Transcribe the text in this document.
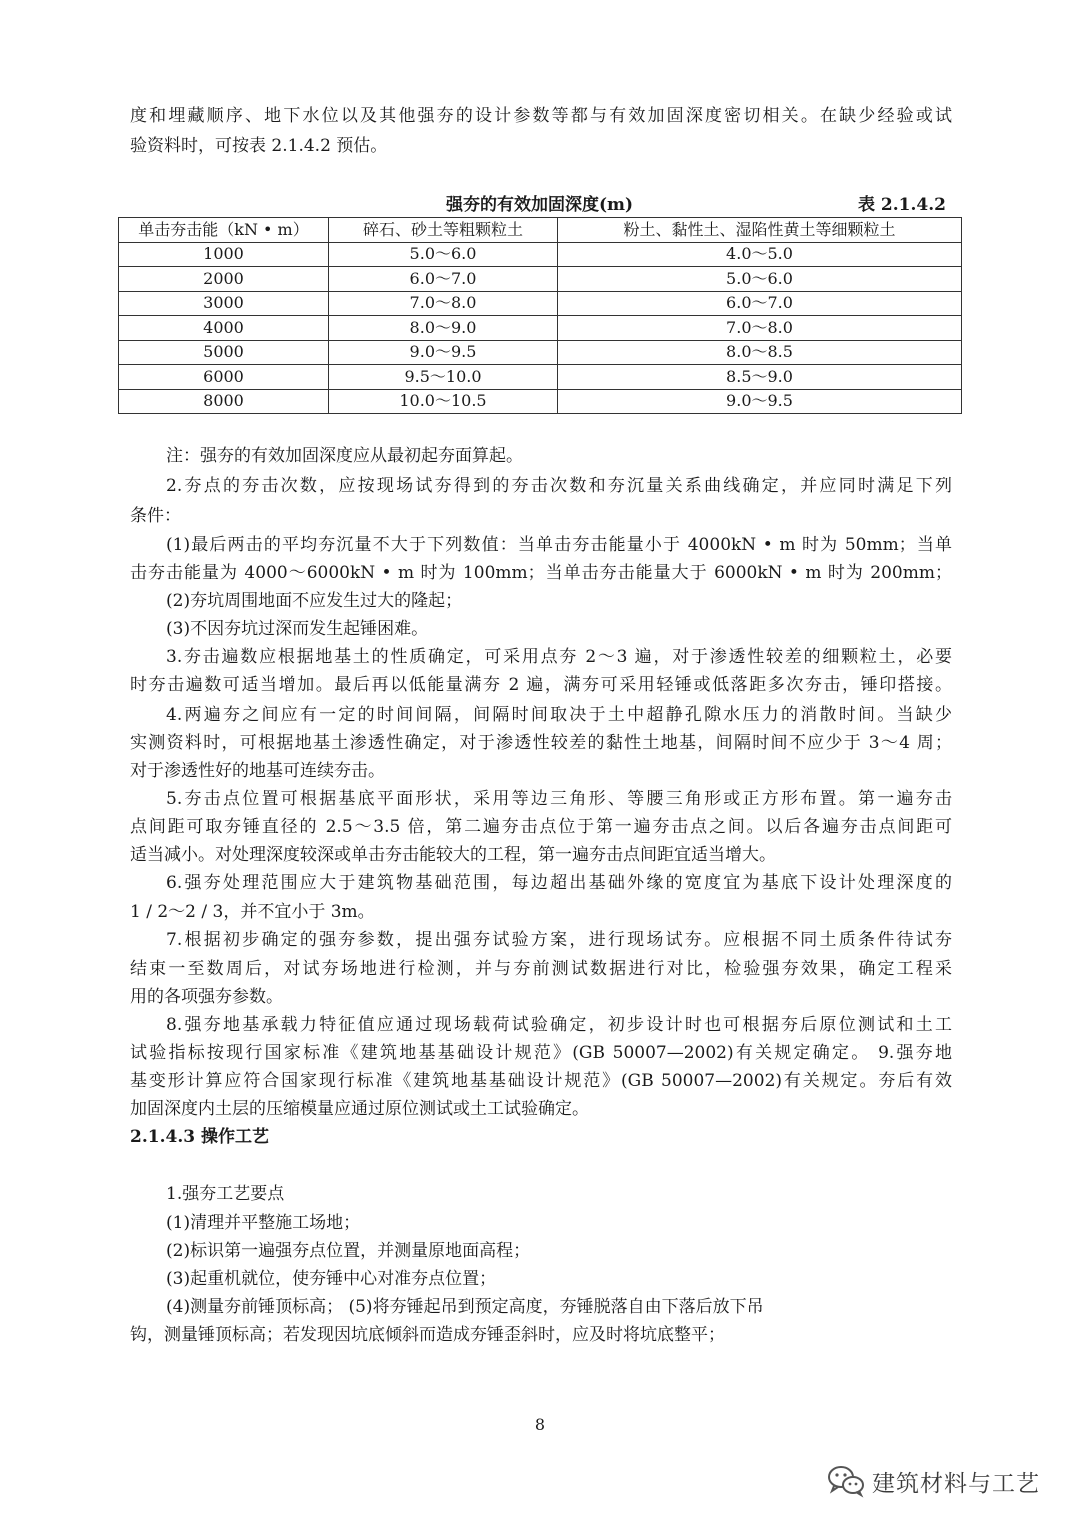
度和埋藏顺序、地下水位以及其他强夯的设计参数等都与有效加固深度密切相关。在缺少经验或试
验资料时，可按表 2.1.4.2 预估。
强夯的有效加固深度(m)	表 2.1.4.2
单击夯击能（kN • m）	碎石、砂土等粗颗粒土	粉土、黏性土、湿陷性黄土等细颗粒土
1000	5.0～6.0	4.0～5.0
2000	6.0～7.0	5.0～6.0
3000	7.0～8.0	6.0～7.0
4000	8.0～9.0	7.0～8.0
5000	9.0～9.5	8.0～8.5
6000	9.5～10.0	8.5～9.0
8000	10.0～10.5	9.0～9.5
注：强夯的有效加固深度应从最初起夯面算起。
2.夯点的夯击次数，应按现场试夯得到的夯击次数和夯沉量关系曲线确定，并应同时满足下列
条件：
(1)最后两击的平均夯沉量不大于下列数值：当单击夯击能量小于 4000kN • m 时为 50mm；当单
击夯击能量为 4000～6000kN • m 时为 100mm；当单击夯击能量大于 6000kN • m 时为 200mm；
(2)夯坑周围地面不应发生过大的隆起；
(3)不因夯坑过深而发生起锤困难。
3.夯击遍数应根据地基土的性质确定，可采用点夯 2～3 遍，对于渗透性较差的细颗粒土，必要
时夯击遍数可适当增加。最后再以低能量满夯 2 遍，满夯可采用轻锤或低落距多次夯击，锤印搭接。
4.两遍夯之间应有一定的时间间隔，间隔时间取决于土中超静孔隙水压力的消散时间。当缺少
实测资料时，可根据地基土渗透性确定，对于渗透性较差的黏性土地基，间隔时间不应少于 3～4 周；
对于渗透性好的地基可连续夯击。
5.夯击点位置可根据基底平面形状，采用等边三角形、等腰三角形或正方形布置。第一遍夯击
点间距可取夯锤直径的 2.5～3.5 倍，第二遍夯击点位于第一遍夯击点之间。以后各遍夯击点间距可
适当减小。对处理深度较深或单击夯击能较大的工程，第一遍夯击点间距宜适当增大。
6.强夯处理范围应大于建筑物基础范围，每边超出基础外缘的宽度宜为基底下设计处理深度的
1 / 2～2 / 3，并不宜小于 3m。
7.根据初步确定的强夯参数，提出强夯试验方案，进行现场试夯。应根据不同土质条件待试夯
结束一至数周后，对试夯场地进行检测，并与夯前测试数据进行对比，检验强夯效果，确定工程采
用的各项强夯参数。
8.强夯地基承载力特征值应通过现场载荷试验确定，初步设计时也可根据夯后原位测试和土工
试验指标按现行国家标准《建筑地基基础设计规范》(GB 50007—2002)有关规定确定。 9.强夯地
基变形计算应符合国家现行标准《建筑地基基础设计规范》(GB 50007—2002)有关规定。夯后有效
加固深度内土层的压缩模量应通过原位测试或土工试验确定。
2.1.4.3 操作工艺
1.强夯工艺要点
(1)清理并平整施工场地；
(2)标识第一遍强夯点位置，并测量原地面高程；
(3)起重机就位，使夯锤中心对准夯点位置；
(4)测量夯前锤顶标高； (5)将夯锤起吊到预定高度，夯锤脱落自由下落后放下吊
钩，测量锤顶标高；若发现因坑底倾斜而造成夯锤歪斜时，应及时将坑底整平；
8
建筑材料与工艺
